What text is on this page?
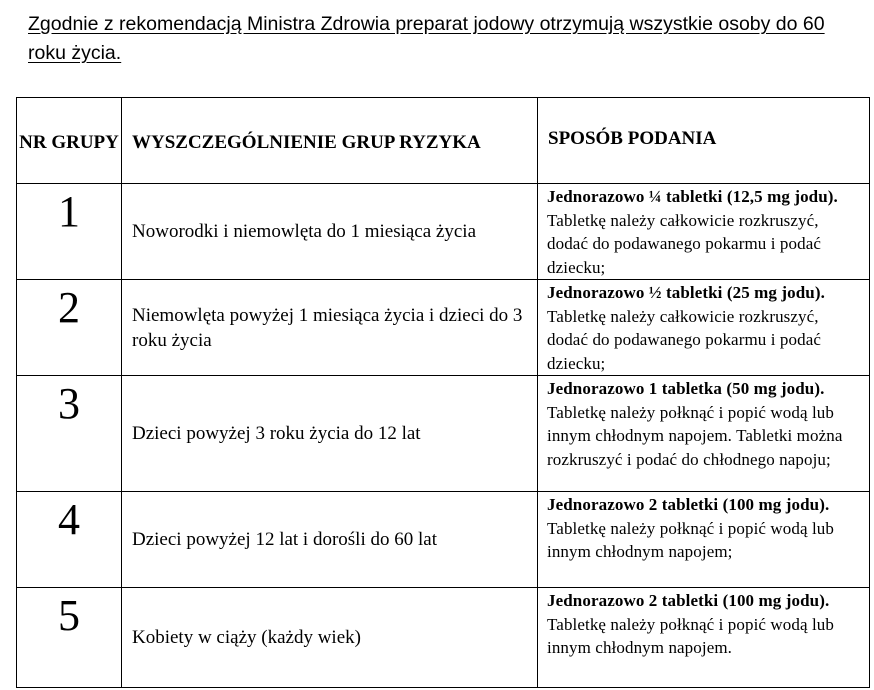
Zgodnie z rekomendacją Ministra Zdrowia preparat jodowy otrzymują wszystkie osoby do 60 roku życia.

NR GRUPY	WYSZCZEGÓLNIENIE GRUP RYZYKA	SPOSÓB PODANIA
1	Noworodki i niemowlęta do 1 miesiąca życia	Jednorazowo ¼ tabletki (12,5 mg jodu). Tabletkę należy całkowicie rozkruszyć, dodać do podawanego pokarmu i podać dziecku;
2	Niemowlęta powyżej 1 miesiąca życia i dzieci do 3 roku życia	Jednorazowo ½ tabletki (25 mg jodu). Tabletkę należy całkowicie rozkruszyć, dodać do podawanego pokarmu i podać dziecku;
3	Dzieci powyżej 3 roku życia do 12 lat	Jednorazowo 1 tabletka (50 mg jodu). Tabletkę należy połknąć i popić wodą lub innym chłodnym napojem. Tabletki można rozkruszyć i podać do chłodnego napoju;
4	Dzieci powyżej 12 lat i dorośli do 60 lat	Jednorazowo 2 tabletki (100 mg jodu). Tabletkę należy połknąć i popić wodą lub innym chłodnym napojem;
5	Kobiety w ciąży (każdy wiek)	Jednorazowo 2 tabletki (100 mg jodu). Tabletkę należy połknąć i popić wodą lub innym chłodnym napojem.
